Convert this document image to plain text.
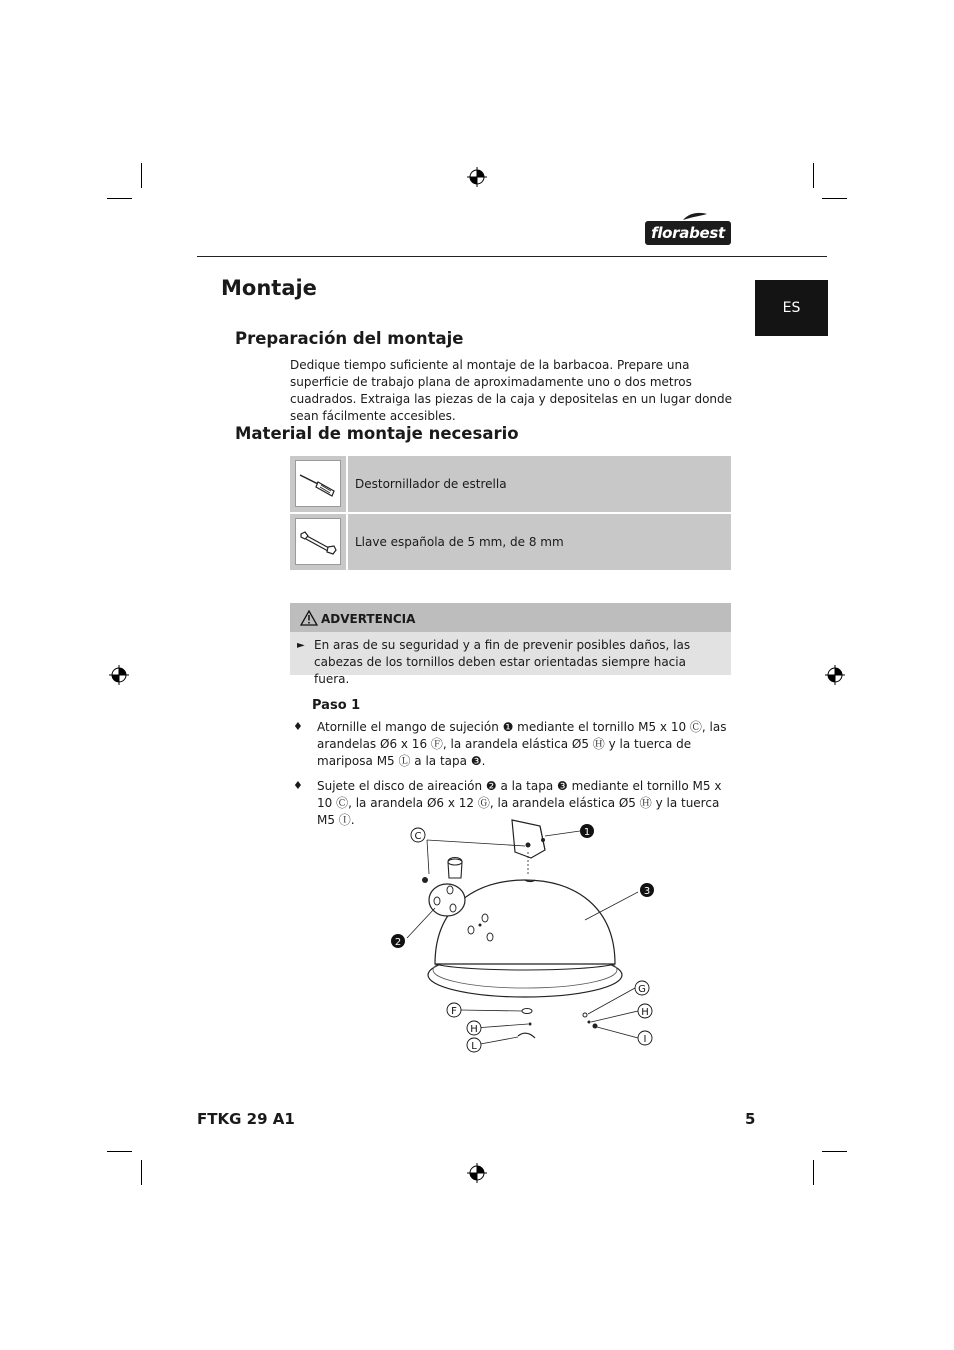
florabest
Montaje
ES
Preparación del montaje

Dedique tiempo suficiente al montaje de la barbacoa. Prepare una superficie de trabajo plana de aproximadamente uno o dos metros cuadrados. Extraiga las piezas de la caja y depositelas en un lugar donde sean fácilmente accesibles.

Material de montaje necesario
Destornillador de estrella
Llave española de 5 mm, de 8 mm
ADVERTENCIA
► En aras de su seguridad y a fin de prevenir posibles daños, las cabezas de los tornillos deben estar orientadas siempre hacia fuera.
Paso 1
♦ Atornille el mango de sujeción ❶ mediante el tornillo M5 x 10 Ⓒ, las arandelas Ø6 x 16 Ⓕ, la arandela elástica Ø5 Ⓗ y la tuerca de mariposa M5 Ⓛ a la tapa ❸.
♦ Sujete el disco de aireación ❷ a la tapa ❸ mediante el tornillo M5 x 10 Ⓒ, la arandela Ø6 x 12 Ⓖ, la arandela elástica Ø5 Ⓗ y la tuerca M5 Ⓘ.
1
3
2
C
F
H
L
G
H
I
FTKG 29 A1	5
